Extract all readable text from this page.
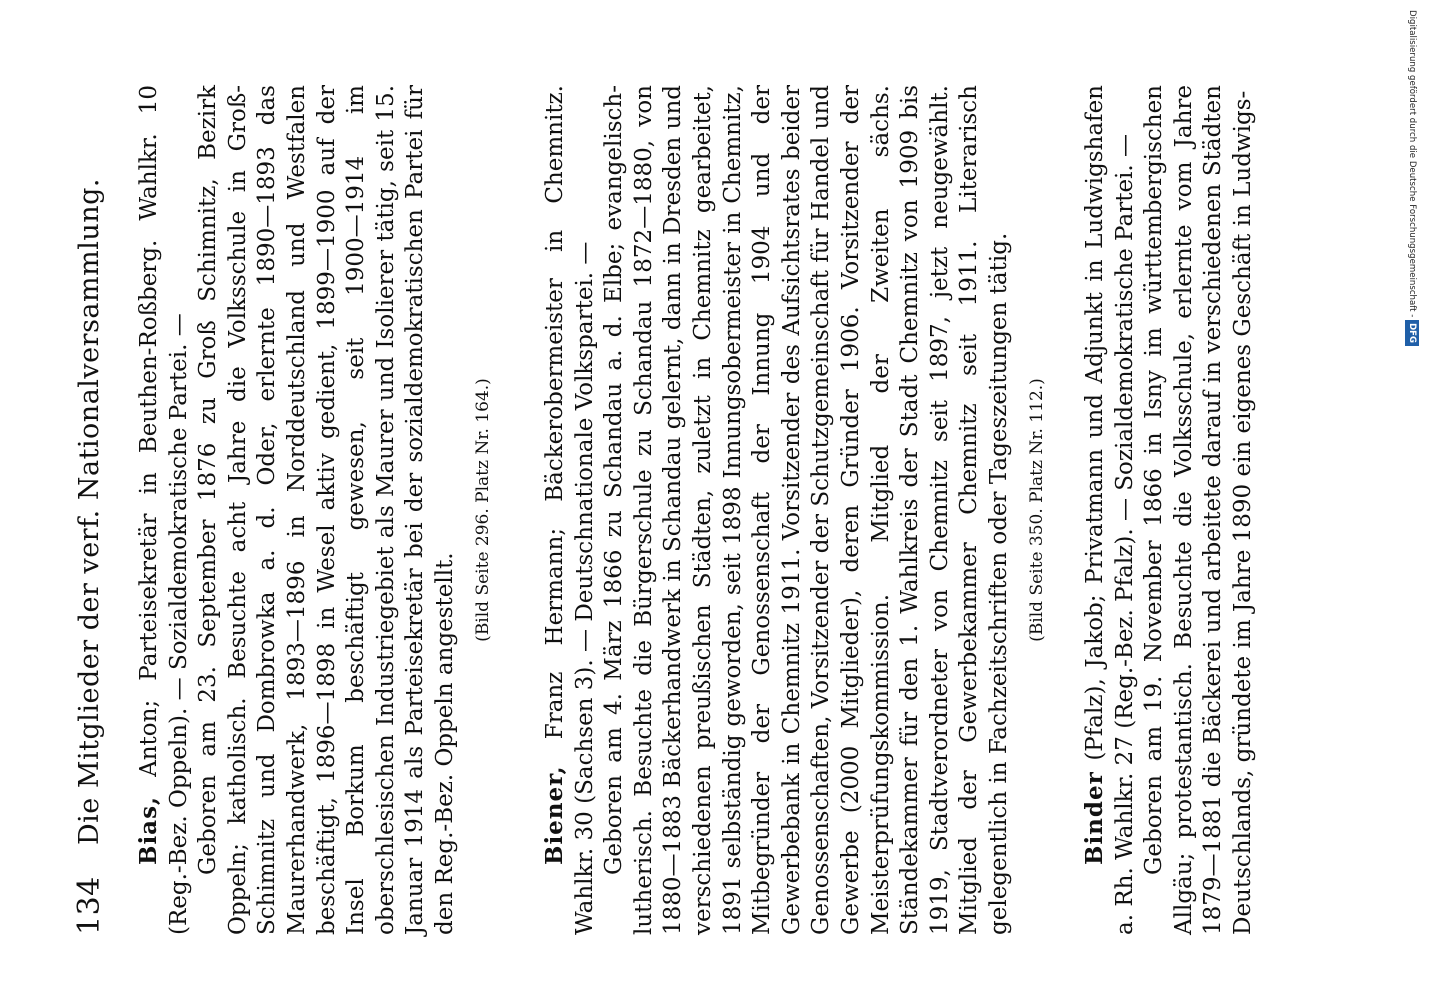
134
Die Mitglieder der verf. Nationalversammlung. Bias, Anton; Parteisekretär in Beuthen-Roßberg. Wahlkr. 10 (Reg.-Bez. Oppeln). — Sozialdemokratische Partei. — Geboren am 23. September 1876 zu Groß Schimnitz, Bezirk Oppeln; katholisch. Besuchte acht Jahre die Volksschule in Groß-Schimnitz und Dombrowka a. d. Oder, erlernte 1890—1893 das Maurerhandwerk, 1893—1896 in Norddeutschland und Westfalen beschäftigt, 1896—1898 in Wesel aktiv gedient, 1899—1900 auf der Insel Borkum beschäftigt gewesen, seit 1900—1914 im oberschlesischen Industriegebiet als Maurer und Isolierer tätig, seit 15. Januar 1914 als Parteisekretär bei der sozialdemokratischen Partei für den Reg.-Bez. Oppeln angestellt.

(Bild Seite 296. Platz Nr. 164.)

Biener, Franz Hermann; Bäckerobermeister in Chemnitz. Wahlkr. 30 (Sachsen 3). — Deutschnationale Volkspartei. — Geboren am 4. März 1866 zu Schandau a. d. Elbe; evangelisch-lutherisch. Besuchte die Bürgerschule zu Schandau 1872—1880, von 1880—1883 Bäckerhandwerk in Schandau gelernt, dann in Dresden und verschiedenen preußischen Städten, zuletzt in Chemnitz gearbeitet, 1891 selbständig geworden, seit 1898 Innungsobermeister in Chemnitz, Mitbegründer der Genossenschaft der Innung 1904 und der Gewerbebank in Chemnitz 1911. Vorsitzender des Aufsichtsrates beider Genossenschaften, Vorsitzender der Schutzgemeinschaft für Handel und Gewerbe (2000 Mitglieder), deren Gründer 1906. Vorsitzender der Meisterprüfungskommission. Mitglied der Zweiten sächs. Ständekammer für den 1. Wahlkreis der Stadt Chemnitz von 1909 bis 1919, Stadtverordneter von Chemnitz seit 1897, jetzt neugewählt. Mitglied der Gewerbekammer Chemnitz seit 1911. Literarisch gelegentlich in Fachzeitschriften oder Tageszeitungen tätig. (Bild Seite 350. Platz Nr. 112.)

Binder (Pfalz), Jakob; Privatmann und Adjunkt in Ludwigshafen a. Rh. Wahlkr. 27 (Reg.-Bez. Pfalz). — Sozialdemokratische Partei. — Geboren am 19. November 1866 in Isny im württembergischen Allgäu; protestantisch. Besuchte die Volksschule, erlernte vom Jahre 1879—1881 die Bäckerei und arbeitete darauf in verschiedenen Städten Deutschlands, gründete im Jahre 1890 ein eigenes Geschäft in Ludwigs-	Digitalisierung gefördert durch die Deutsche Forschungsgemeinschaft - DFG
